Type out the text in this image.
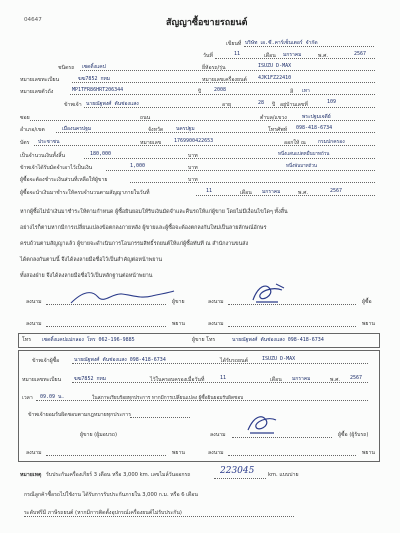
04647	สัญญาซื้อขายรถยนต์
เขียนที่ บริษัท เอ.ซี.คาร์เซ็นเตอร์ จำกัด
วันที่	11	เดือน มกราคม	พ.ศ.	2567
ชนิดรถ เซดดิ้งแคป	ยี่ห้อรถ/รุ่น	ISUZU D-MAX
หมายเลขทะเบียน	ฆฆ7852 กทม	หมายเลขเครื่องยนต์ 4JK1FZ22410
หมายเลขตัวถัง	MP1TFR86HRT206344	ปี	2008	สี เทา
ข้าพเจ้า นายณัฐพงศ์ ตันช่องแสง	อายุ	28 ปี อยู่บ้านเลขที่	109
ซอย	ถนน	ตำบล/แขวง	พระปฐมเจดีย์
อำเภอ/เขต	เมืองนครปฐม	จังหวัด	นครปฐม	โทรศัพท์ 098-418-6734
บัตร ประชาชน	หมายเลข	1769900422653	ออกให้ ณ กรมปกครอง
เป็นจำนวนเงินทั้งสิ้น	180,000	บาท	หนึ่งแสนแปดหมื่นบาทถ้วน
ข้าพเจ้าได้รับมัดจำเอาไว้เป็นเงิน	1,000	บาท	หนึ่งพันบาทถ้วน
ผู้ซื้อจะต้องชำระเงินส่วนที่เหลือให้ผู้ขาย	บาท
ผู้ซื้อจะนำเงินมาชำระให้ครบจำนวนตามสัญญาภายในวันที่	11	เดือน มกราคม	พ.ศ.	2567
หากผู้ซื้อไม่นำเงินมาชำระให้ตามกำหนด ผู้ซื้อยินยอมให้ริบเงินมัดจำและคืนรถให้แก่ผู้ขาย โดยไม่มีเงื่อนไขใดๆ ทั้งสิ้น
อย่างไรก็ตามหากมีการเปลี่ยนแปลงข้อตกลงภายหลัง ผู้ขายและผู้ซื้อจะต้องตกลงกันใหม่เป็นลายลักษณ์อักษร
ครบถ้วนตามสัญญาแล้ว ผู้ขายจะดำเนินการโอนกรรมสิทธิ์รถยนต์ให้แก่ผู้ซื้อทันที ณ สำนักงานขนส่ง
ได้ตกลงกันตามนี้ จึงได้ลงลายมือชื่อไว้เป็นสำคัญต่อหน้าพยาน
ทั้งสองฝ่าย จึงได้ลงลายมือชื่อไว้เป็นหลักฐานต่อหน้าพยาน
ลงนาม	ผู้ขาย	ลงนาม	ผู้ซื้อ
ลงนาม	พยาน	ลงนาม	พยาน
โทร เซดดิ้งแคปแม่กลอง โทร 062-196-9885	ผู้ขาย โทร	นายณัฐพงศ์ ตันช่องแสง 098-418-6734
ข้าพเจ้าผู้ซื้อ	นายณัฐพงศ์ ตันช่องแสง 098-418-6734	ได้รับรถยนต์	ISUZU D-MAX
หมายเลขทะเบียน	ฆฆ7852 กทม	ไว้ในครอบครองเมื่อวันที่	11	เดือน มกราคม	พ.ศ. 2567
เวลา 09.09 น.	ในสภาพเรียบร้อยทุกประการ หากมีการเปลี่ยนแปลง ผู้ซื้อยินยอมรับผิดชอบ
ข้าพเจ้ายอมรับผิดชอบตามกฎหมายทุกประการ
ผู้ขาย (ผู้มอบรถ)	ลงนาม	ผู้ซื้อ (ผู้รับรถ)
ลงนาม	พยาน	ลงนาม	พยาน
หมายเหตุ รับประกันเครื่องเกียร์ 3 เดือน หรือ 3,000 km. เลขไมล์วันออกรถ	223045	km. แบบบ่าย
กรณีลูกค้าซื้อรถไปใช้งาน ได้รับการรับประกันภายใน 3,000 ก.ม. หรือ 6 เดือน
ระดับฟรีมี ภาษีรถยนต์ (หากมีการติดตั้งอุปกรณ์เครื่องยนต์ไม่รับประกัน)
